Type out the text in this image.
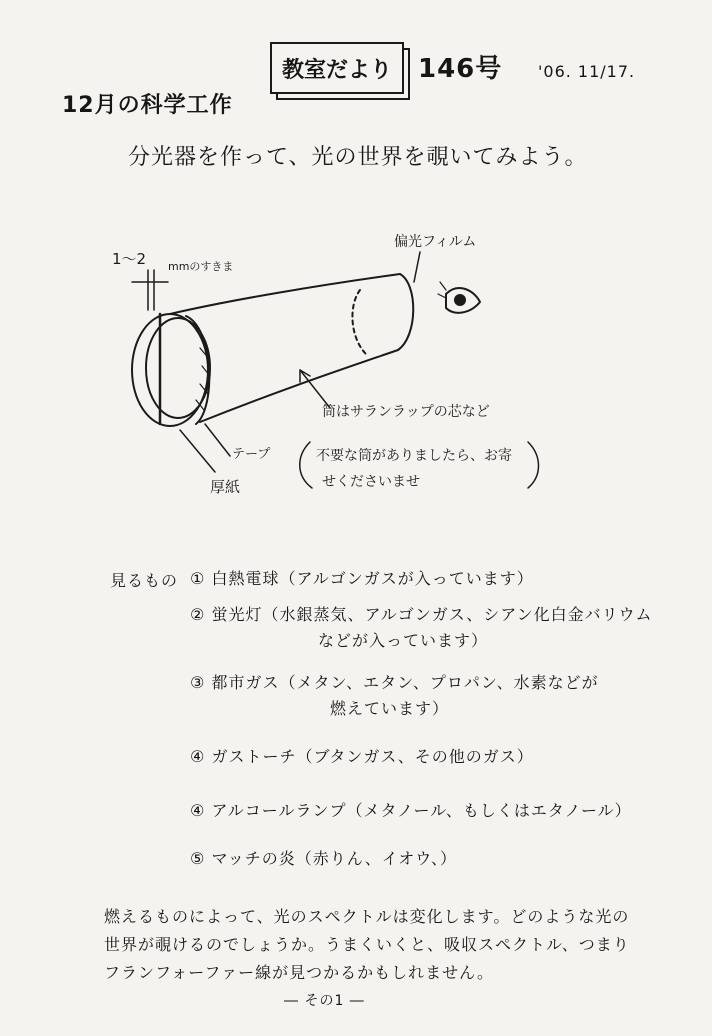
教室だより 146号 '06. 11/17.
12月の科学工作
分光器を作って、光の世界を覗いてみよう。
1〜2 mmのすきま
偏光フィルム
筒はサランラップの芯など
不要な筒がありましたら、お寄
せくださいませ
テープ
厚紙
見るもの ① 白熱電球（アルゴンガスが入っています）
② 蛍光灯（水銀蒸気、アルゴンガス、シアン化白金バリウム
などが入っています）
③ 都市ガス（メタン、エタン、プロパン、水素などが
燃えています）
④ ガストーチ（ブタンガス、その他のガス）
④ アルコールランプ（メタノール、もしくはエタノール）
⑤ マッチの炎（赤りん、イオウ、）
燃えるものによって、光のスペクトルは変化します。どのような光の
世界が覗けるのでしょうか。うまくいくと、吸収スペクトル、つまり
フランフォーファー線が見つかるかもしれません。
― その1 ―
